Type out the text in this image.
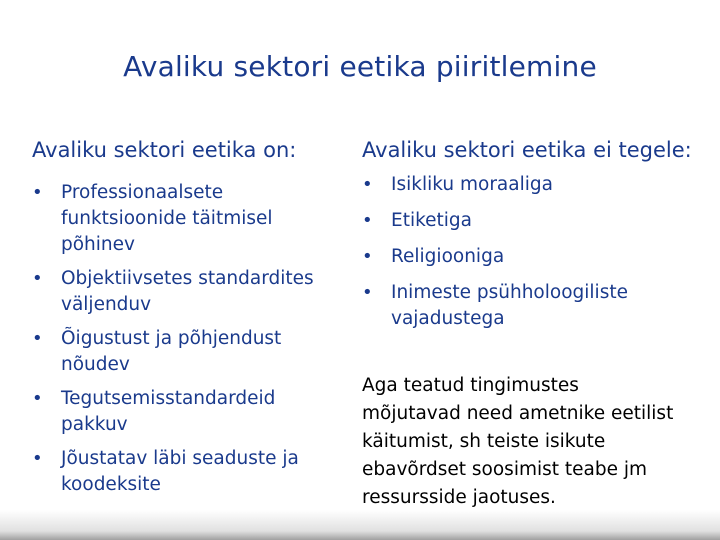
Avaliku sektori eetika piiritlemine
Avaliku sektori eetika on:
• Professionaalsete funktsioonide täitmisel põhinev
• Objektiivsetes standardites väljenduv
• Õigustust ja põhjendust nõudev
• Tegutsemisstandardeid pakkuv
• Jõustatav läbi seaduste ja koodeksite
Avaliku sektori eetika ei tegele:
• Isikliku moraaliga
• Etiketiga
• Religiooniga
• Inimeste psühholoogiliste vajadustega
Aga teatud tingimustes mõjutavad need ametnike eetilist käitumist, sh teiste isikute ebavõrdset soosimist teabe jm ressursside jaotuses.
